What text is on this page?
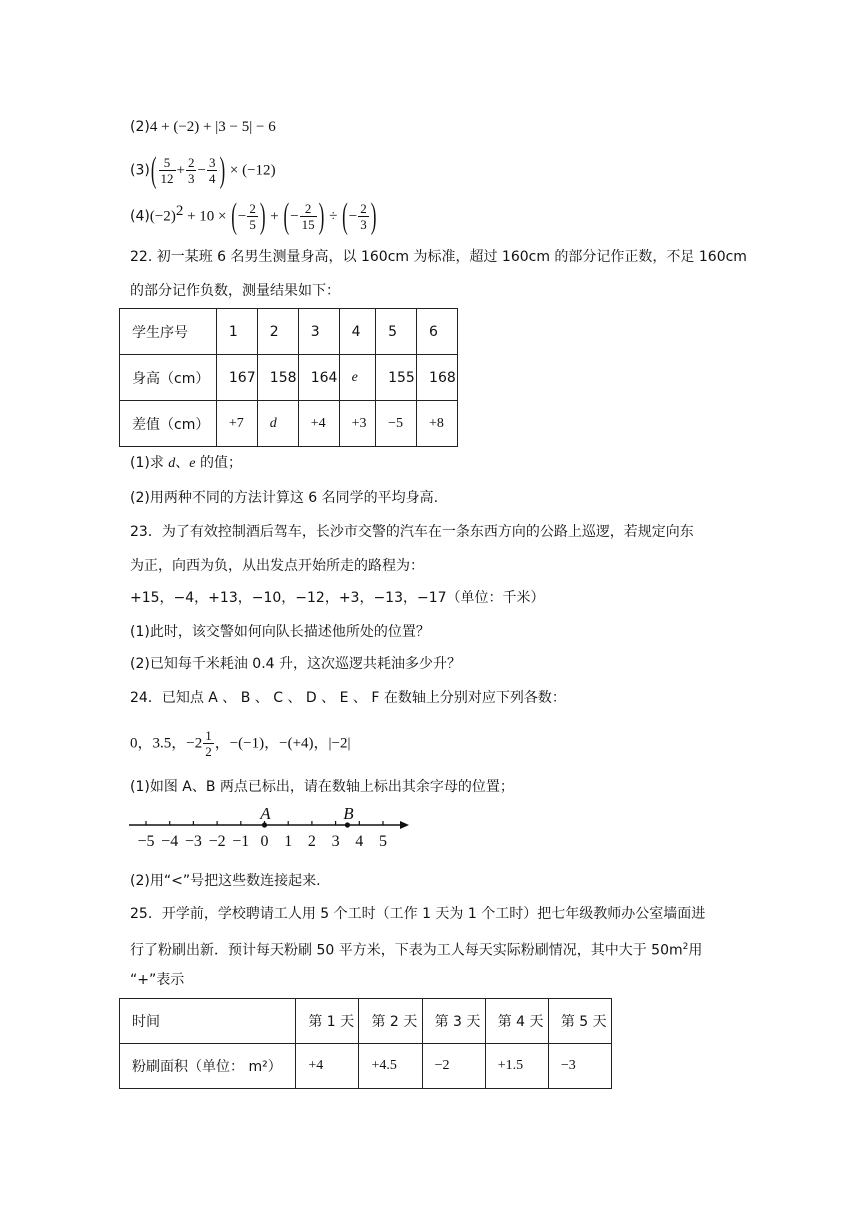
(2)4 + (−2) + |3 − 5| − 6
$(3)( \frac{5}{12} + \frac{2}{3} - \frac{3}{4}$ ) × (−12)
$(4)(-2)^2 + 10$ × (− $\frac{2}{5}$ ) + (− $\frac{2}{15}$ ) ÷ (− $\frac{2}{3}$ )
22. 初一某班 6 名男生测量身高，以 160cm 为标准，超过 160cm 的部分记作正数，不足 160cm
的部分记作负数，测量结果如下：
学生序号	1	2	3	4	5	6
身高（cm）	167	158	164	e	155	168
差值（cm）	+7	d	+4	+3	−5	+8
(1)求 d、e 的值；
(2)用两种不同的方法计算这 6 名同学的平均身高.
23．为了有效控制酒后驾车，长沙市交警的汽车在一条东西方向的公路上巡逻，若规定向东
为正，向西为负，从出发点开始所走的路程为：
+15，−4，+13，−10，−12，+3，−13，−17（单位：千米）
(1)此时，该交警如何向队长描述他所处的位置？
(2)已知每千米耗油 0.4 升，这次巡逻共耗油多少升？
24．已知点 A 、 B 、 C 、 D 、 E 、 F 在数轴上分别对应下列各数：
0，3.5，$-2 \frac{1}{2}$ ，−(−1)，−(+4)，|−2|
(1)如图 A、B 两点已标出，请在数轴上标出其余字母的位置；
−5 −4 −3 −2 −1 0 1 2 3 4 5
A	B
(2)用“<”号把这些数连接起来.
25．开学前，学校聘请工人用 5 个工时（工作 1 天为 1 个工时）把七年级教师办公室墙面进
行了粉刷出新．预计每天粉刷 50 平方米，下表为工人每天实际粉刷情况，其中大于 $50m^2$用
“+”表示
时间	第 1 天	第 2 天	第 3 天	第 4 天	第 5 天
粉刷面积（单位： m²）	+4	+4.5	−2	+1.5	−3
